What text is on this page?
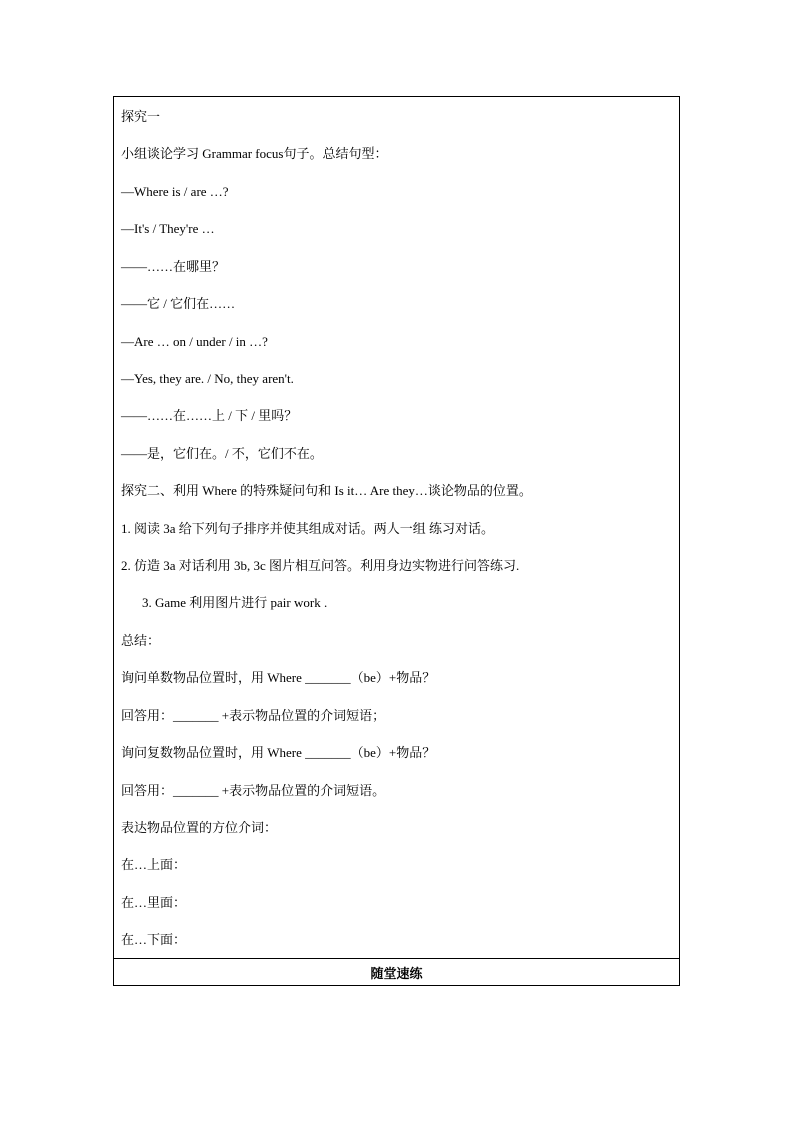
探究一
小组谈论学习 Grammar focus句子。总结句型：
—Where is / are …?
—It's / They're …
——……在哪里？
——它 / 它们在……
—Are … on / under / in …?
—Yes, they are. / No, they aren't.
——……在……上 / 下 / 里吗？
——是，它们在。/ 不，它们不在。
探究二、利用 Where 的特殊疑问句和 Is it… Are they…谈论物品的位置。
1. 阅读 3a 给下列句子排序并使其组成对话。两人一组 练习对话。
2. 仿造 3a 对话利用 3b, 3c 图片相互问答。利用身边实物进行问答练习.
3. Game 利用图片进行 pair work .
总结：
询问单数物品位置时，用 Where _______（be）+物品？
回答用：_______ +表示物品位置的介词短语；
询问复数物品位置时，用 Where _______（be）+物品？
回答用：_______ +表示物品位置的介词短语。
表达物品位置的方位介词：
在…上面：
在…里面：
在…下面：
随堂速练
